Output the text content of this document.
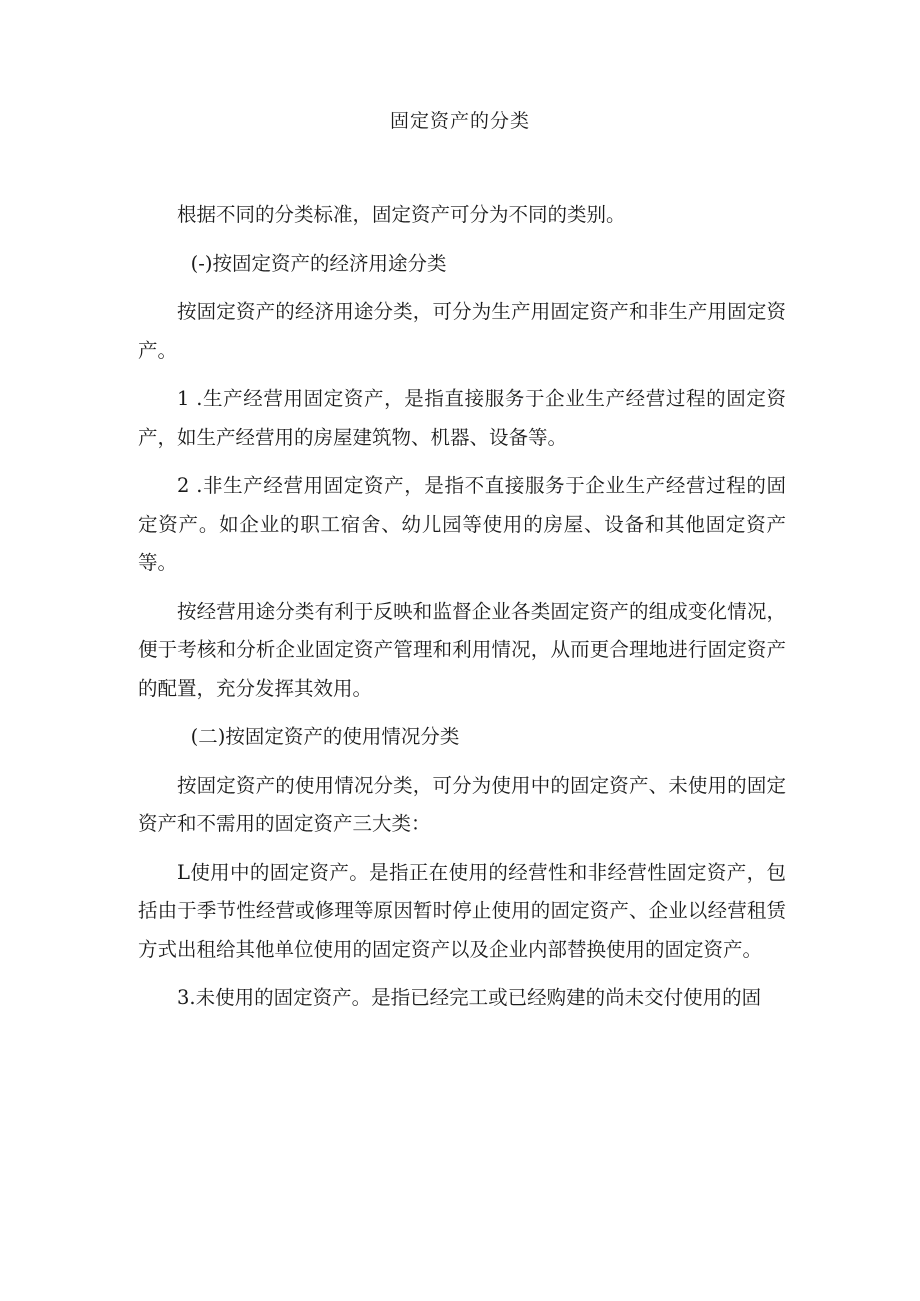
固定资产的分类

根据不同的分类标准，固定资产可分为不同的类别。

(-)按固定资产的经济用途分类

按固定资产的经济用途分类，可分为生产用固定资产和非生产用固定资产。

1 .生产经营用固定资产，是指直接服务于企业生产经营过程的固定资产，如生产经营用的房屋建筑物、机器、设备等。

2 .非生产经营用固定资产，是指不直接服务于企业生产经营过程的固定资产。如企业的职工宿舍、幼儿园等使用的房屋、设备和其他固定资产等。

按经营用途分类有利于反映和监督企业各类固定资产的组成变化情况，便于考核和分析企业固定资产管理和利用情况，从而更合理地进行固定资产的配置，充分发挥其效用。

(二)按固定资产的使用情况分类

按固定资产的使用情况分类，可分为使用中的固定资产、未使用的固定资产和不需用的固定资产三大类：

L使用中的固定资产。是指正在使用的经营性和非经营性固定资产，包括由于季节性经营或修理等原因暂时停止使用的固定资产、企业以经营租赁方式出租给其他单位使用的固定资产以及企业内部替换使用的固定资产。

3.未使用的固定资产。是指已经完工或已经购建的尚未交付使用的固
